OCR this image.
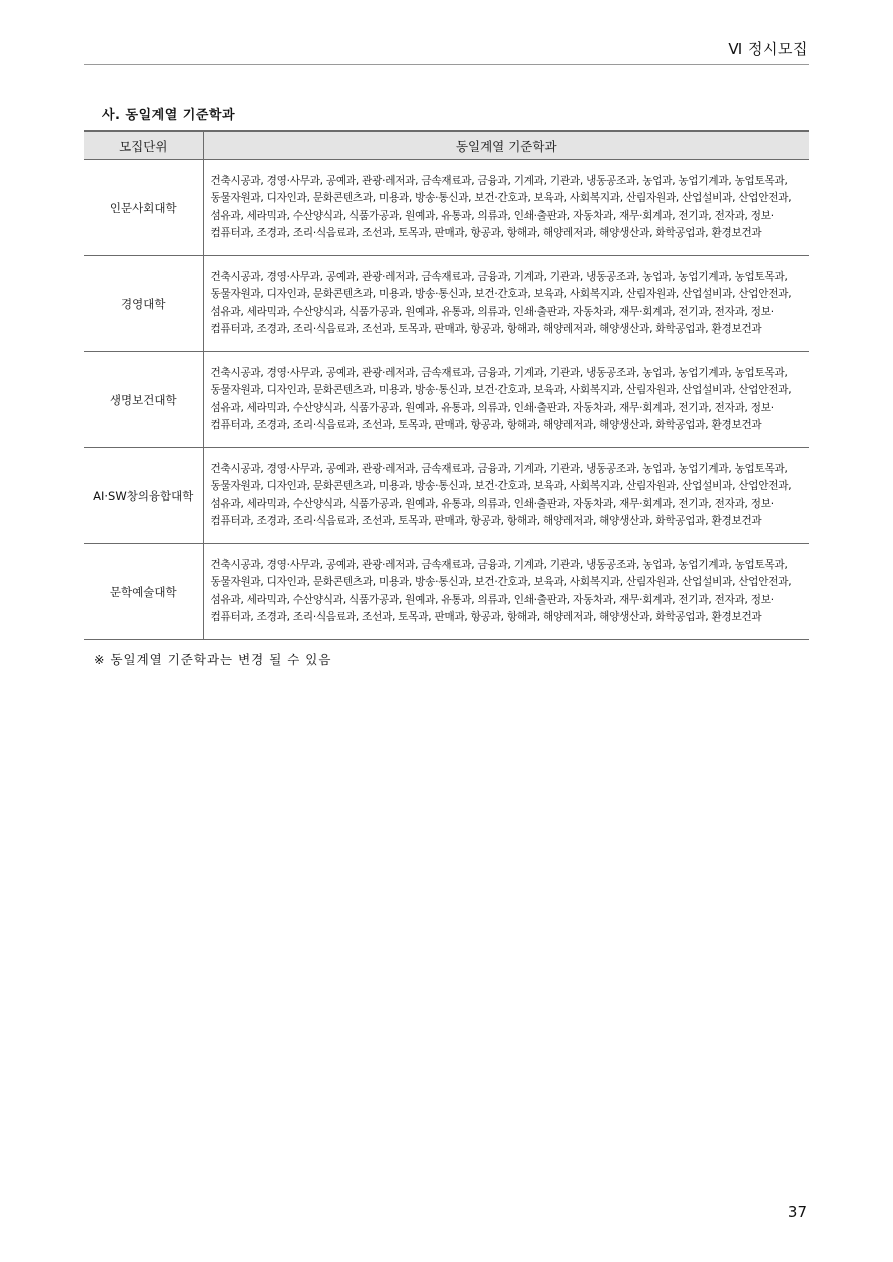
Ⅵ 정시모집
사. 동일계열 기준학과
모집단위	동일계열 기준학과
인문사회대학	건축시공과, 경영·사무과, 공예과, 관광·레저과, 금속재료과, 금융과, 기계과, 기관과, 냉동공조과, 농업과, 농업기계과, 농업토목과, 동물자원과, 디자인과, 문화콘텐츠과, 미용과, 방송·통신과, 보건·간호과, 보육과, 사회복지과, 산림자원과, 산업설비과, 산업안전과, 섬유과, 세라믹과, 수산양식과, 식품가공과, 원예과, 유통과, 의류과, 인쇄·출판과, 자동차과, 재무·회계과, 전기과, 전자과, 정보·컴퓨터과, 조경과, 조리·식음료과, 조선과, 토목과, 판매과, 항공과, 항해과, 해양레저과, 해양생산과, 화학공업과, 환경보건과
경영대학	건축시공과, 경영·사무과, 공예과, 관광·레저과, 금속재료과, 금융과, 기계과, 기관과, 냉동공조과, 농업과, 농업기계과, 농업토목과, 동물자원과, 디자인과, 문화콘텐츠과, 미용과, 방송·통신과, 보건·간호과, 보육과, 사회복지과, 산림자원과, 산업설비과, 산업안전과, 섬유과, 세라믹과, 수산양식과, 식품가공과, 원예과, 유통과, 의류과, 인쇄·출판과, 자동차과, 재무·회계과, 전기과, 전자과, 정보·컴퓨터과, 조경과, 조리·식음료과, 조선과, 토목과, 판매과, 항공과, 항해과, 해양레저과, 해양생산과, 화학공업과, 환경보건과
생명보건대학	건축시공과, 경영·사무과, 공예과, 관광·레저과, 금속재료과, 금융과, 기계과, 기관과, 냉동공조과, 농업과, 농업기계과, 농업토목과, 동물자원과, 디자인과, 문화콘텐츠과, 미용과, 방송·통신과, 보건·간호과, 보육과, 사회복지과, 산림자원과, 산업설비과, 산업안전과, 섬유과, 세라믹과, 수산양식과, 식품가공과, 원예과, 유통과, 의류과, 인쇄·출판과, 자동차과, 재무·회계과, 전기과, 전자과, 정보·컴퓨터과, 조경과, 조리·식음료과, 조선과, 토목과, 판매과, 항공과, 항해과, 해양레저과, 해양생산과, 화학공업과, 환경보건과
AI·SW창의융합대학	건축시공과, 경영·사무과, 공예과, 관광·레저과, 금속재료과, 금융과, 기계과, 기관과, 냉동공조과, 농업과, 농업기계과, 농업토목과, 동물자원과, 디자인과, 문화콘텐츠과, 미용과, 방송·통신과, 보건·간호과, 보육과, 사회복지과, 산림자원과, 산업설비과, 산업안전과, 섬유과, 세라믹과, 수산양식과, 식품가공과, 원예과, 유통과, 의류과, 인쇄·출판과, 자동차과, 재무·회계과, 전기과, 전자과, 정보·컴퓨터과, 조경과, 조리·식음료과, 조선과, 토목과, 판매과, 항공과, 항해과, 해양레저과, 해양생산과, 화학공업과, 환경보건과
문학예술대학	건축시공과, 경영·사무과, 공예과, 관광·레저과, 금속재료과, 금융과, 기계과, 기관과, 냉동공조과, 농업과, 농업기계과, 농업토목과, 동물자원과, 디자인과, 문화콘텐츠과, 미용과, 방송·통신과, 보건·간호과, 보육과, 사회복지과, 산림자원과, 산업설비과, 산업안전과, 섬유과, 세라믹과, 수산양식과, 식품가공과, 원예과, 유통과, 의류과, 인쇄·출판과, 자동차과, 재무·회계과, 전기과, 전자과, 정보·컴퓨터과, 조경과, 조리·식음료과, 조선과, 토목과, 판매과, 항공과, 항해과, 해양레저과, 해양생산과, 화학공업과, 환경보건과
※ 동일계열 기준학과는 변경 될 수 있음
37
